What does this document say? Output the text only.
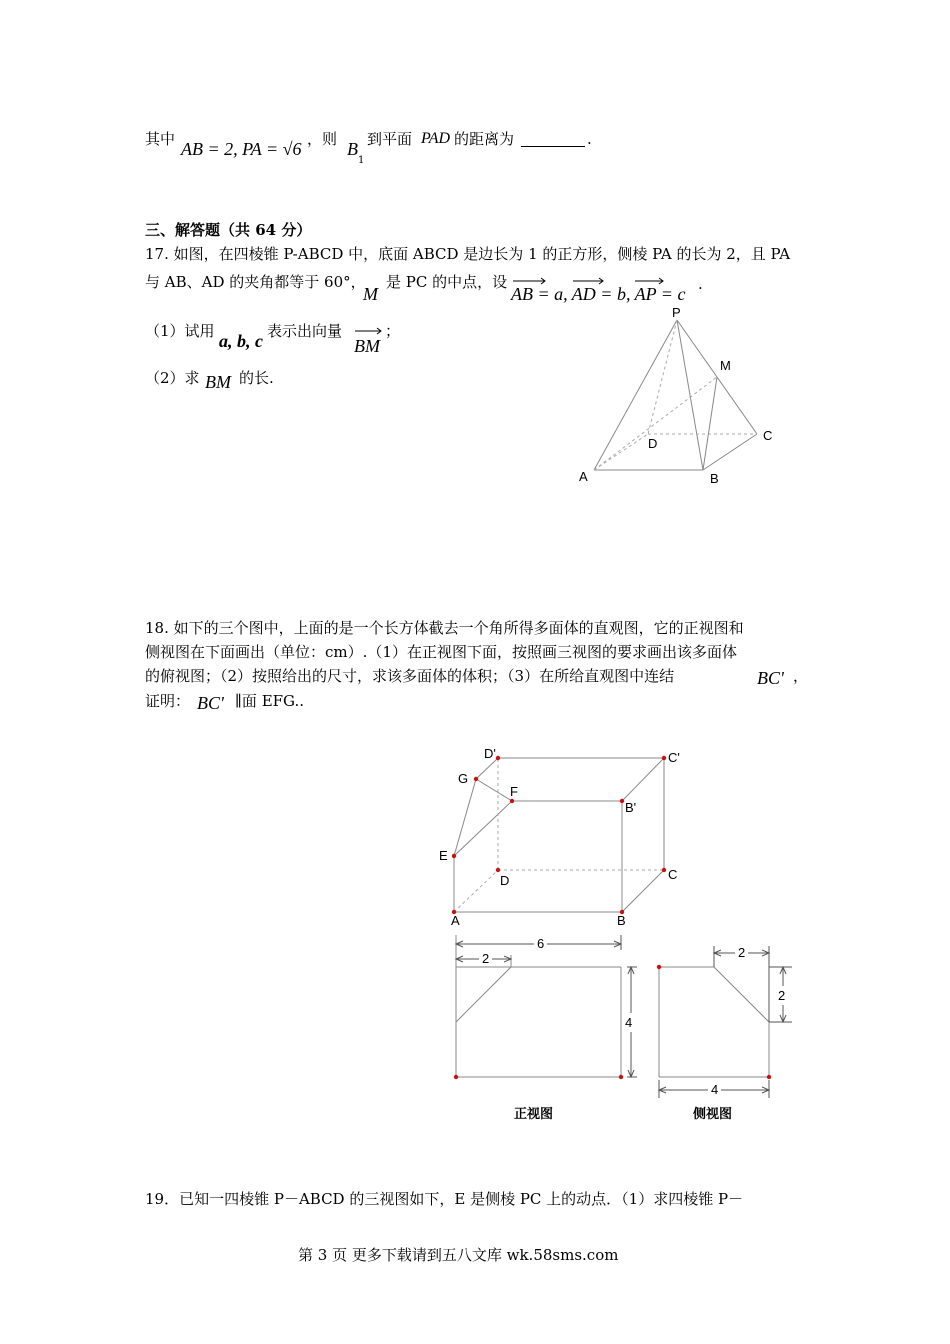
其中 AB = 2, PA = √6 ，则 B
1
到平面 PAD 的距离为	.
三、解答题（共 64 分）
17. 如图，在四棱锥 P-ABCD 中，底面 ABCD 是边长为 1 的正方形，侧棱 PA 的长为 2，且 PA
与 AB、AD 的夹角都等于 60°，
M
是 PC 的中点，设
AB = a, AD = b, AP = c .
（1）试用 a, b, c 表示出向量
BM
；
（2）求 BM 的长.
P
M
D
C
A	B
18. 如下的三个图中，上面的是一个长方体截去一个角所得多面体的直观图，它的正视图和
侧视图在下面画出（单位：cm）.（1）在正视图下面，按照画三视图的要求画出该多面体
的俯视图；（2）按照给出的尺寸，求该多面体的体积；（3）在所给直观图中连结	BC' ，
证明： BC' ∥面 EFG..
D'	C'
G
F
B'
E
D	C
A	B
6
2
4
2
2
4
正视图	侧视图
19．已知一四棱锥 P－ABCD 的三视图如下，E 是侧棱 PC 上的动点．（1）求四棱锥 P－
第 3 页 更多下载请到五八文库 wk.58sms.com
